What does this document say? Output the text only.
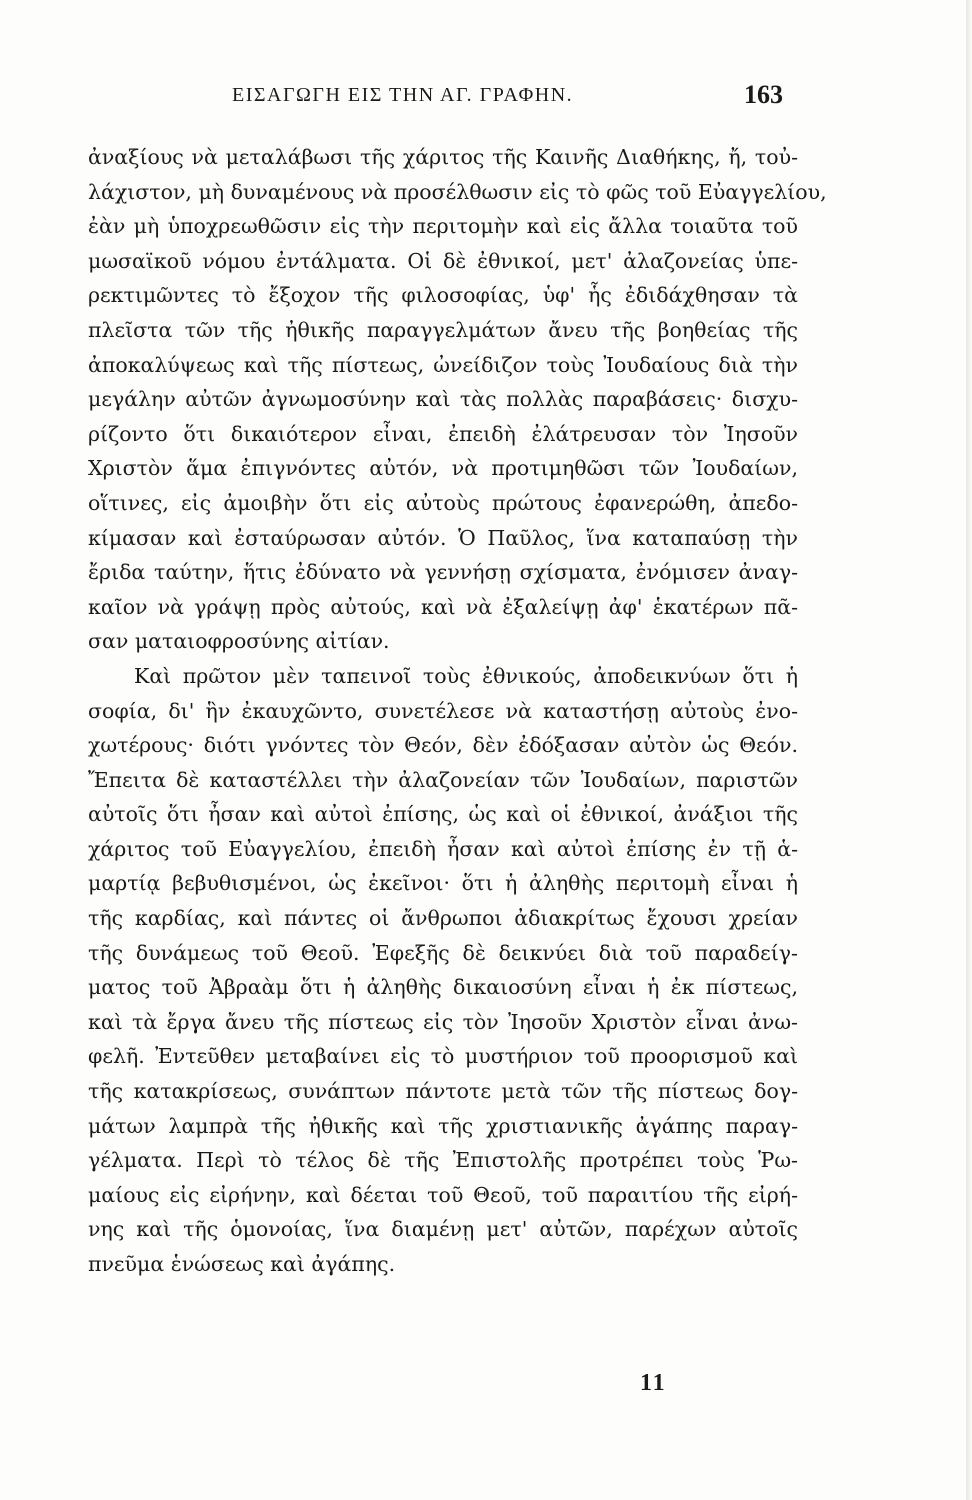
ΕΙΣΑΓΩΓΗ ΕΙΣ ΤΗΝ ΑΓ. ΓΡΑΦΗΝ.	163
ἀναξίους νὰ μεταλάβωσι τῆς χάριτος τῆς Καινῆς Διαθήκης, ἤ, τοὐ-
λάχιστον, μὴ δυναμένους νὰ προσέλθωσιν εἰς τὸ φῶς τοῦ Εὐαγγελίου,
ἐὰν μὴ ὑποχρεωθῶσιν εἰς τὴν περιτομὴν καὶ εἰς ἄλλα τοιαῦτα τοῦ
μωσαϊκοῦ νόμου ἐντάλματα. Οἱ δὲ ἐθνικοί, μετ' ἀλαζονείας ὑπε-
ρεκτιμῶντες τὸ ἔξοχον τῆς φιλοσοφίας, ὑφ' ἧς ἐδιδάχθησαν τὰ
πλεῖστα τῶν τῆς ἠθικῆς παραγγελμάτων ἄνευ τῆς βοηθείας τῆς
ἀποκαλύψεως καὶ τῆς πίστεως, ὠνείδιζον τοὺς Ἰουδαίους διὰ τὴν
μεγάλην αὐτῶν ἀγνωμοσύνην καὶ τὰς πολλὰς παραβάσεις· δισχυ-
ρίζοντο ὅτι δικαιότερον εἶναι, ἐπειδὴ ἐλάτρευσαν τὸν Ἰησοῦν
Χριστὸν ἅμα ἐπιγνόντες αὐτόν, νὰ προτιμηθῶσι τῶν Ἰουδαίων,
οἵτινες, εἰς ἀμοιβὴν ὅτι εἰς αὐτοὺς πρώτους ἐφανερώθη, ἀπεδο-
κίμασαν καὶ ἐσταύρωσαν αὐτόν. Ὁ Παῦλος, ἵνα καταπαύσῃ τὴν
ἔριδα ταύτην, ἥτις ἐδύνατο νὰ γεννήσῃ σχίσματα, ἐνόμισεν ἀναγ-
καῖον νὰ γράψῃ πρὸς αὐτούς, καὶ νὰ ἐξαλείψῃ ἀφ' ἑκατέρων πᾶ-
σαν ματαιοφροσύνης αἰτίαν.
Καὶ πρῶτον μὲν ταπεινοῖ τοὺς ἐθνικούς, ἀποδεικνύων ὅτι ἡ
σοφία, δι' ἣν ἐκαυχῶντο, συνετέλεσε νὰ καταστήσῃ αὐτοὺς ἐνο-
χωτέρους· διότι γνόντες τὸν Θεόν, δὲν ἐδόξασαν αὐτὸν ὡς Θεόν.
Ἔπειτα δὲ καταστέλλει τὴν ἀλαζονείαν τῶν Ἰουδαίων, παριστῶν
αὐτοῖς ὅτι ἦσαν καὶ αὐτοὶ ἐπίσης, ὡς καὶ οἱ ἐθνικοί, ἀνάξιοι τῆς
χάριτος τοῦ Εὐαγγελίου, ἐπειδὴ ἦσαν καὶ αὐτοὶ ἐπίσης ἐν τῇ ἁ-
μαρτίᾳ βεβυθισμένοι, ὡς ἐκεῖνοι· ὅτι ἡ ἀληθὴς περιτομὴ εἶναι ἡ
τῆς καρδίας, καὶ πάντες οἱ ἄνθρωποι ἀδιακρίτως ἔχουσι χρείαν
τῆς δυνάμεως τοῦ Θεοῦ. Ἐφεξῆς δὲ δεικνύει διὰ τοῦ παραδείγ-
ματος τοῦ Ἀβραὰμ ὅτι ἡ ἀληθὴς δικαιοσύνη εἶναι ἡ ἐκ πίστεως,
καὶ τὰ ἔργα ἄνευ τῆς πίστεως εἰς τὸν Ἰησοῦν Χριστὸν εἶναι ἀνω-
φελῆ. Ἐντεῦθεν μεταβαίνει εἰς τὸ μυστήριον τοῦ προορισμοῦ καὶ
τῆς κατακρίσεως, συνάπτων πάντοτε μετὰ τῶν τῆς πίστεως δογ-
μάτων λαμπρὰ τῆς ἠθικῆς καὶ τῆς χριστιανικῆς ἀγάπης παραγ-
γέλματα. Περὶ τὸ τέλος δὲ τῆς Ἐπιστολῆς προτρέπει τοὺς Ῥω-
μαίους εἰς εἰρήνην, καὶ δέεται τοῦ Θεοῦ, τοῦ παραιτίου τῆς εἰρή-
νης καὶ τῆς ὁμονοίας, ἵνα διαμένῃ μετ' αὐτῶν, παρέχων αὐτοῖς
πνεῦμα ἑνώσεως καὶ ἀγάπης.
11
